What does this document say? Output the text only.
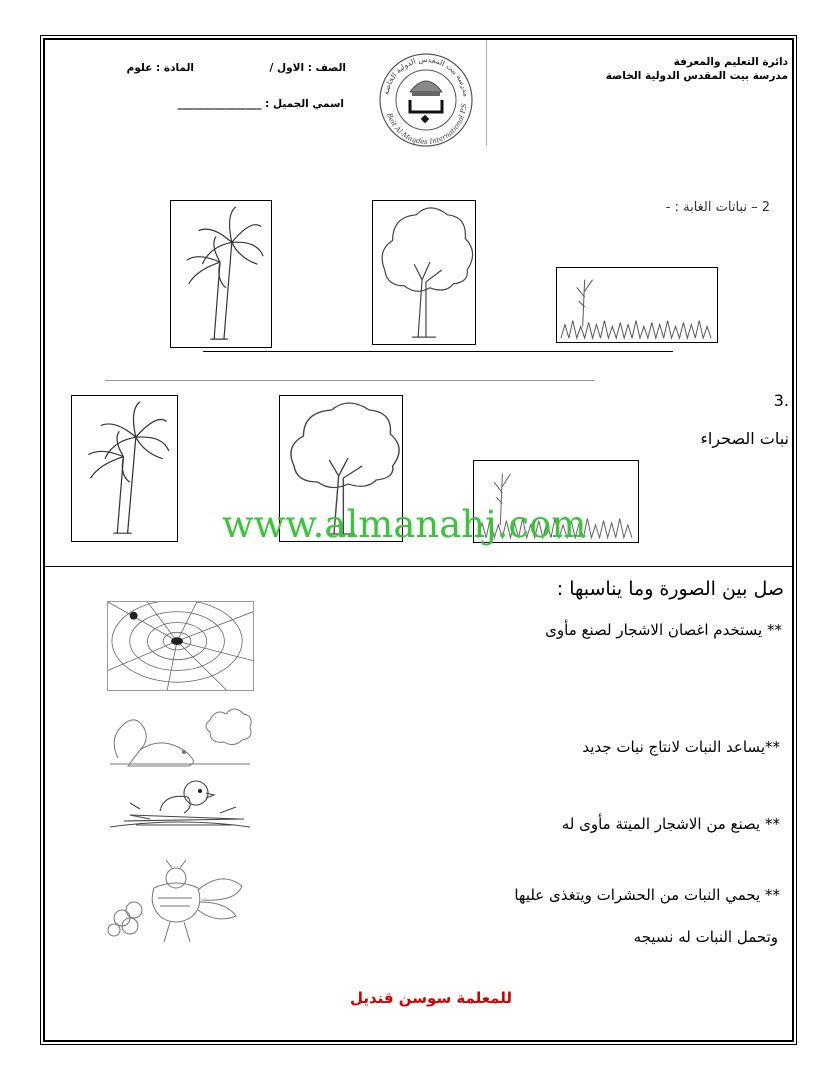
دائرة التعليم والمعرفة
مدرسة بيت المقدس الدولية الخاصة
مدرسة بيت المقدس الدولية الخاصة
Beit Al-Maqdes International P.S
الصف : الاول /
المادة : علوم
اسمي الجميل : ________________
2 – نباتات الغابة : -
.3
نبات الصحراء
www.almanahj.com
صل بين الصورة وما يناسبها :
** يستخدم اغصان الاشجار لصنع مأوى
**يساعد النبات لانتاج نبات جديد
** يصنع من الاشجار الميتة مأوى له
** يحمي النبات من الحشرات ويتغذى عليها
وتحمل النبات له نسيجه
للمعلمة سوسن قنديل
